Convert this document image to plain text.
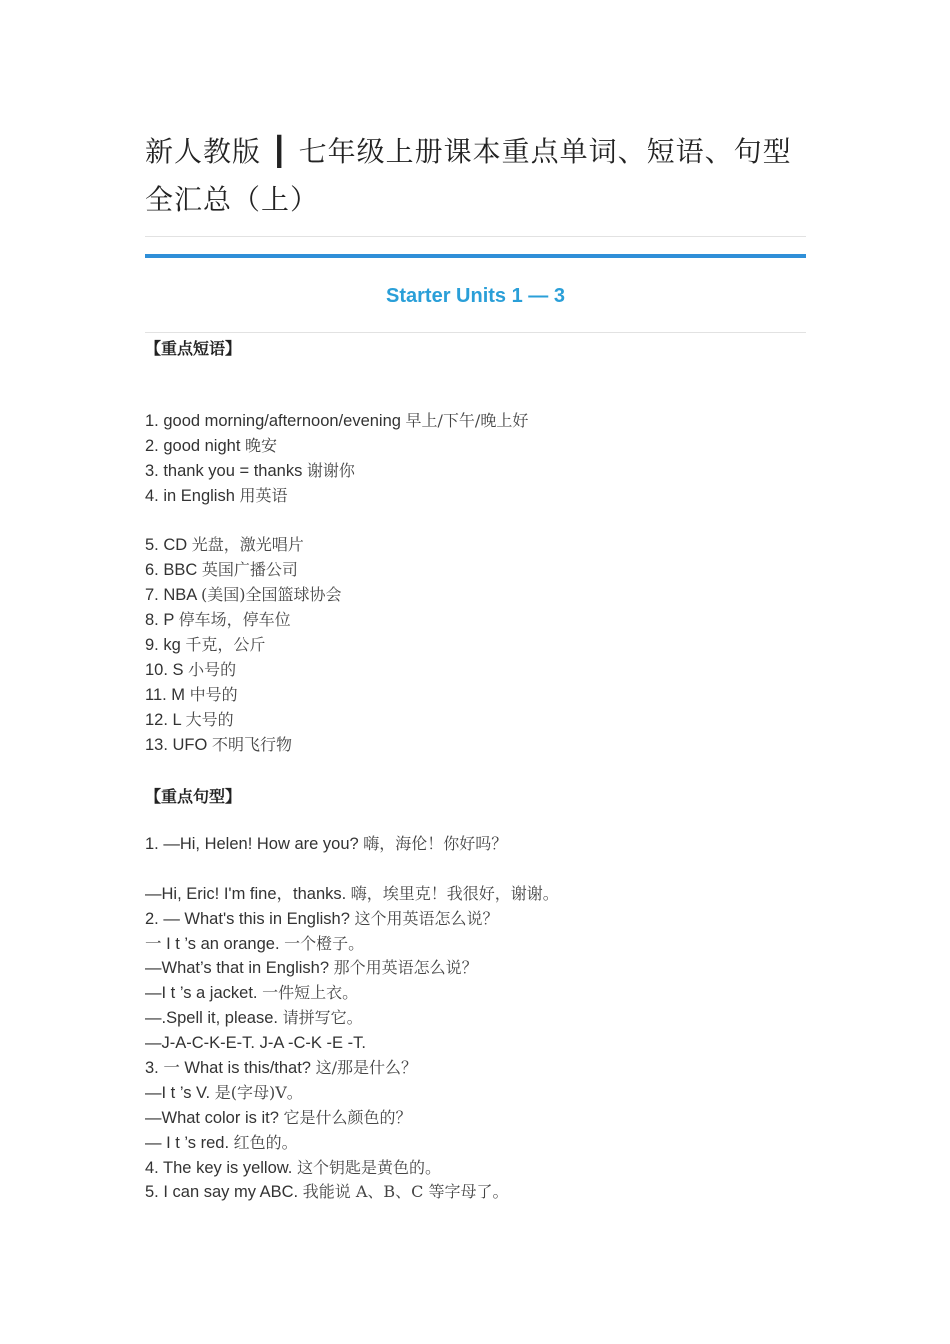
新人教版 ┃ 七年级上册课本重点单词、短语、句型全汇总（上）
Starter Units 1 — 3
【重点短语】
1. good morning/afternoon/evening 早上/下午/晚上好
2. good night 晚安
3. thank you = thanks 谢谢你
4. in English 用英语
5. CD 光盘，激光唱片
6. BBC 英国广播公司
7. NBA (美国)全国篮球协会
8. P 停车场，停车位
9. kg 千克，公斤
10. S 小号的
11. M 中号的
12. L 大号的
13. UFO 不明飞行物
【重点句型】
1. —Hi, Helen! How are you? 嗨，海伦！你好吗？
—Hi, Eric! I'm fine，thanks. 嗨，埃里克！我很好，谢谢。
2. — What's this in English? 这个用英语怎么说？
一 I t ’s an orange. 一个橙子。
—What’s that in English? 那个用英语怎么说？
—I t ’s a jacket. 一件短上衣。
—.Spell it, please. 请拼写它。
—J-A-C-K-E-T. J-A -C-K -E -T.
3. 一 What is this/that? 这/那是什么？
—I t ’s V. 是(字母)V。
—What color is it? 它是什么颜色的？
— I t ’s red. 红色的。
4. The key is yellow. 这个钥匙是黄色的。
5. I can say my ABC. 我能说 A、B、C 等字母了。
